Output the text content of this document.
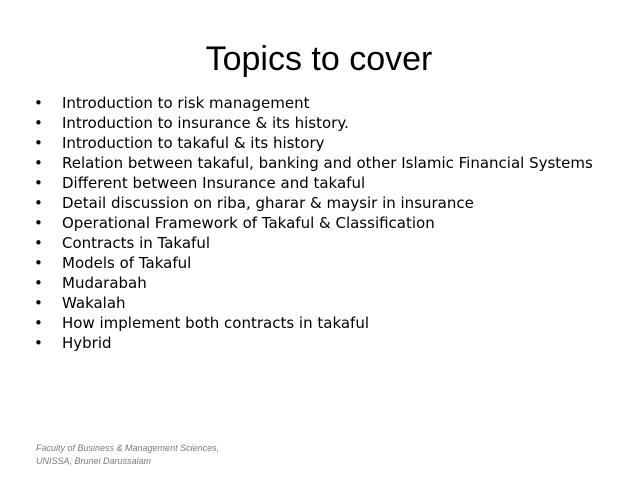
Topics to cover
• Introduction to risk management
• Introduction to insurance & its history.
• Introduction to takaful & its history
• Relation between takaful, banking and other Islamic Financial Systems
• Different between Insurance and takaful
• Detail discussion on riba, gharar & maysir in insurance
• Operational Framework of Takaful & Classification
• Contracts in Takaful
• Models of Takaful
• Mudarabah
• Wakalah
• How implement both contracts in takaful
• Hybrid
Faculty of Business & Management Sciences,
UNISSA, Brunei Darussalam
